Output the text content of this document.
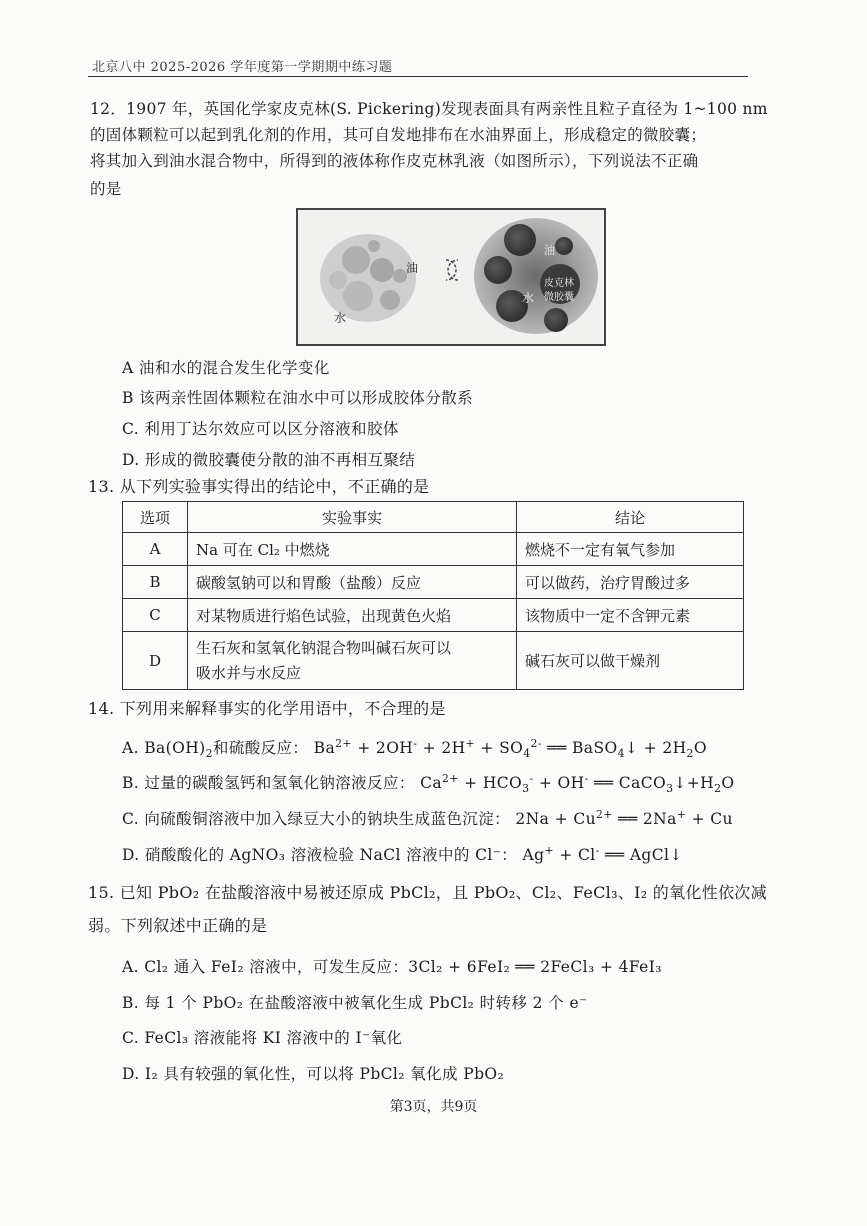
北京八中 2025-2026 学年度第一学期期中练习题
12．1907 年，英国化学家皮克林(S. Pickering)发现表面具有两亲性且粒子直径为 1~100 nm
的固体颗粒可以起到乳化剂的作用，其可自发地排布在水油界面上，形成稳定的微胶囊；
将其加入到油水混合物中，所得到的液体称作皮克林乳液（如图所示），下列说法不正确
的是
油
水
油
水
皮克林
微胶囊
A 油和水的混合发生化学变化
B 该两亲性固体颗粒在油水中可以形成胶体分散系
C. 利用丁达尔效应可以区分溶液和胶体
D. 形成的微胶囊使分散的油不再相互聚结
13. 从下列实验事实得出的结论中，不正确的是
选项	实验事实	结论
A	Na 可在 Cl₂ 中燃烧	燃烧不一定有氧气参加
B	碳酸氢钠可以和胃酸（盐酸）反应	可以做药，治疗胃酸过多
C	对某物质进行焰色试验，出现黄色火焰	该物质中一定不含钾元素
D	生石灰和氢氧化钠混合物叫碱石灰可以
吸水并与水反应	碱石灰可以做干燥剂
14. 下列用来解释事实的化学用语中，不合理的是
A. $Ba(OH)_2$和硫酸反应： $Ba^{2+} + 2OH^- + 2H^+ + SO_4^{2-}$ ══ BaSO$_4$↓ + $2H_2O$
B. 过量的碳酸氢钙和氢氧化钠溶液反应： $Ca^{2+} + HCO_3^- + OH^-$ ══ $CaCO_3↓+H_2O$
C. 向硫酸铜溶液中加入绿豆大小的钠块生成蓝色沉淀： $2Na + Cu^{2+}$ ══ 2Na+ + Cu
D. 硝酸酸化的 AgNO₃ 溶液检验 NaCl 溶液中的 Cl⁻： Ag+ + Cl- ══ AgCl↓
15. 已知 PbO₂ 在盐酸溶液中易被还原成 PbCl₂，且 PbO₂、Cl₂、FeCl₃、I₂ 的氧化性依次减
弱。下列叙述中正确的是
A. Cl₂ 通入 FeI₂ 溶液中，可发生反应：3Cl₂ + 6FeI₂ ══ 2FeCl₃ + 4FeI₃
B. 每 1 个 PbO₂ 在盐酸溶液中被氧化生成 PbCl₂ 时转移 2 个 e⁻
C. FeCl₃ 溶液能将 KI 溶液中的 I⁻氧化
D. I₂ 具有较强的氧化性，可以将 PbCl₂ 氧化成 PbO₂
第3页，共9页
